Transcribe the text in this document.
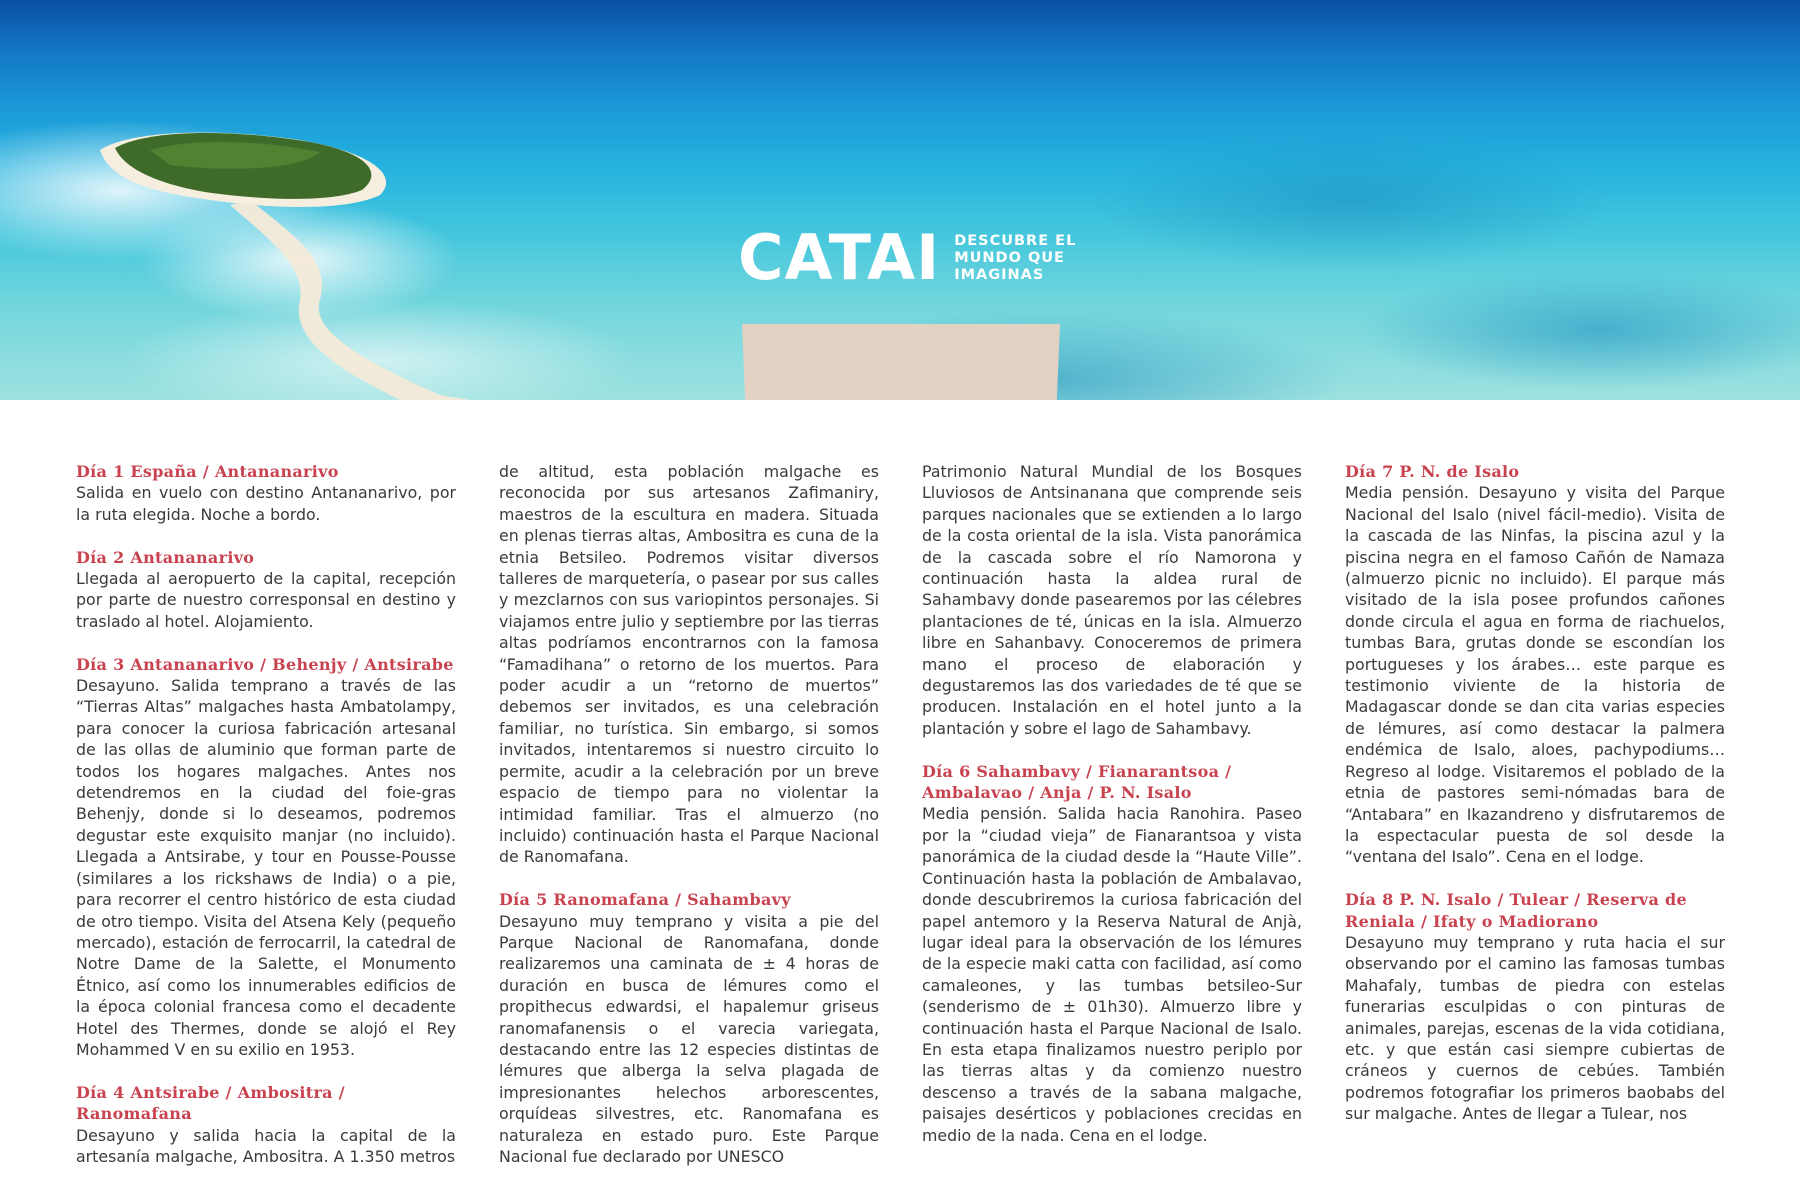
CATAI DESCUBRE EL
MUNDO QUE
IMAGINAS
Día 1 España / Antananarivo

Salida en vuelo con destino Antananarivo, por la ruta elegida. Noche a bordo.

Día 2 Antananarivo

Llegada al aeropuerto de la capital, recepción por parte de nuestro corresponsal en destino y traslado al hotel. Alojamiento.

Día 3 Antananarivo / Behenjy / Antsirabe

Desayuno. Salida temprano a través de las “Tierras Altas” malgaches hasta Ambatolampy, para conocer la curiosa fabricación artesanal de las ollas de aluminio que forman parte de todos los hogares malgaches. Antes nos detendremos en la ciudad del foie-gras Behenjy, donde si lo deseamos, podremos degustar este exquisito manjar (no incluido). Llegada a Antsirabe, y tour en Pousse-Pousse (similares a los rickshaws de India) o a pie, para recorrer el centro histórico de esta ciudad de otro tiempo. Visita del Atsena Kely (pequeño mercado), estación de ferrocarril, la catedral de Notre Dame de la Salette, el Monumento Étnico, así como los innumerables edificios de la época colonial francesa como el decadente Hotel des Thermes, donde se alojó el Rey Mohammed V en su exilio en 1953.

Día 4 Antsirabe / Ambositra / Ranomafana

Desayuno y salida hacia la capital de la artesanía malgache, Ambositra. A 1.350 metros

de altitud, esta población malgache es reconocida por sus artesanos Zafimaniry, maestros de la escultura en madera. Situada en plenas tierras altas, Ambositra es cuna de la etnia Betsileo. Podremos visitar diversos talleres de marquetería, o pasear por sus calles y mezclarnos con sus variopintos personajes. Si viajamos entre julio y septiembre por las tierras altas podríamos encontrarnos con la famosa “Famadihana” o retorno de los muertos. Para poder acudir a un “retorno de muertos” debemos ser invitados, es una celebración familiar, no turística. Sin embargo, si somos invitados, intentaremos si nuestro circuito lo permite, acudir a la celebración por un breve espacio de tiempo para no violentar la intimidad familiar. Tras el almuerzo (no incluido) continuación hasta el Parque Nacional de Ranomafana.

Día 5 Ranomafana / Sahambavy

Desayuno muy temprano y visita a pie del Parque Nacional de Ranomafana, donde realizaremos una caminata de ± 4 horas de duración en busca de lémures como el propithecus edwardsi, el hapalemur griseus ranomafanensis o el varecia variegata, destacando entre las 12 especies distintas de lémures que alberga la selva plagada de impresionantes helechos arborescentes, orquídeas silvestres, etc. Ranomafana es naturaleza en estado puro. Este Parque Nacional fue declarado por UNESCO

Patrimonio Natural Mundial de los Bosques Lluviosos de Antsinanana que comprende seis parques nacionales que se extienden a lo largo de la costa oriental de la isla. Vista panorámica de la cascada sobre el río Namorona y continuación hasta la aldea rural de Sahambavy donde pasearemos por las célebres plantaciones de té, únicas en la isla. Almuerzo libre en Sahanbavy. Conoceremos de primera mano el proceso de elaboración y degustaremos las dos variedades de té que se producen. Instalación en el hotel junto a la plantación y sobre el lago de Sahambavy.

Día 6 Sahambavy / Fianarantsoa / Ambalavao / Anja / P. N. Isalo

Media pensión. Salida hacia Ranohira. Paseo por la “ciudad vieja” de Fianarantsoa y vista panorámica de la ciudad desde la “Haute Ville”. Continuación hasta la población de Ambalavao, donde descubriremos la curiosa fabricación del papel antemoro y la Reserva Natural de Anjà, lugar ideal para la observación de los lémures de la especie maki catta con facilidad, así como camaleones, y las tumbas betsileo-Sur (senderismo de ± 01h30). Almuerzo libre y continuación hasta el Parque Nacional de Isalo. En esta etapa finalizamos nuestro periplo por las tierras altas y da comienzo nuestro descenso a través de la sabana malgache, paisajes desérticos y poblaciones crecidas en medio de la nada. Cena en el lodge.

Día 7 P. N. de Isalo

Media pensión. Desayuno y visita del Parque Nacional del Isalo (nivel fácil-medio). Visita de la cascada de las Ninfas, la piscina azul y la piscina negra en el famoso Cañón de Namaza (almuerzo picnic no incluido). El parque más visitado de la isla posee profundos cañones donde circula el agua en forma de riachuelos, tumbas Bara, grutas donde se escondían los portugueses y los árabes… este parque es testimonio viviente de la historia de Madagascar donde se dan cita varias especies de lémures, así como destacar la palmera endémica de Isalo, aloes, pachypodiums… Regreso al lodge. Visitaremos el poblado de la etnia de pastores semi-nómadas bara de “Antabara” en Ikazandreno y disfrutaremos de la espectacular puesta de sol desde la “ventana del Isalo”. Cena en el lodge.

Día 8 P. N. Isalo / Tulear / Reserva de Reniala / Ifaty o Madiorano

Desayuno muy temprano y ruta hacia el sur observando por el camino las famosas tumbas Mahafaly, tumbas de piedra con estelas funerarias esculpidas o con pinturas de animales, parejas, escenas de la vida cotidiana, etc. y que están casi siempre cubiertas de cráneos y cuernos de cebúes. También podremos fotografiar los primeros baobabs del sur malgache. Antes de llegar a Tulear, nos
